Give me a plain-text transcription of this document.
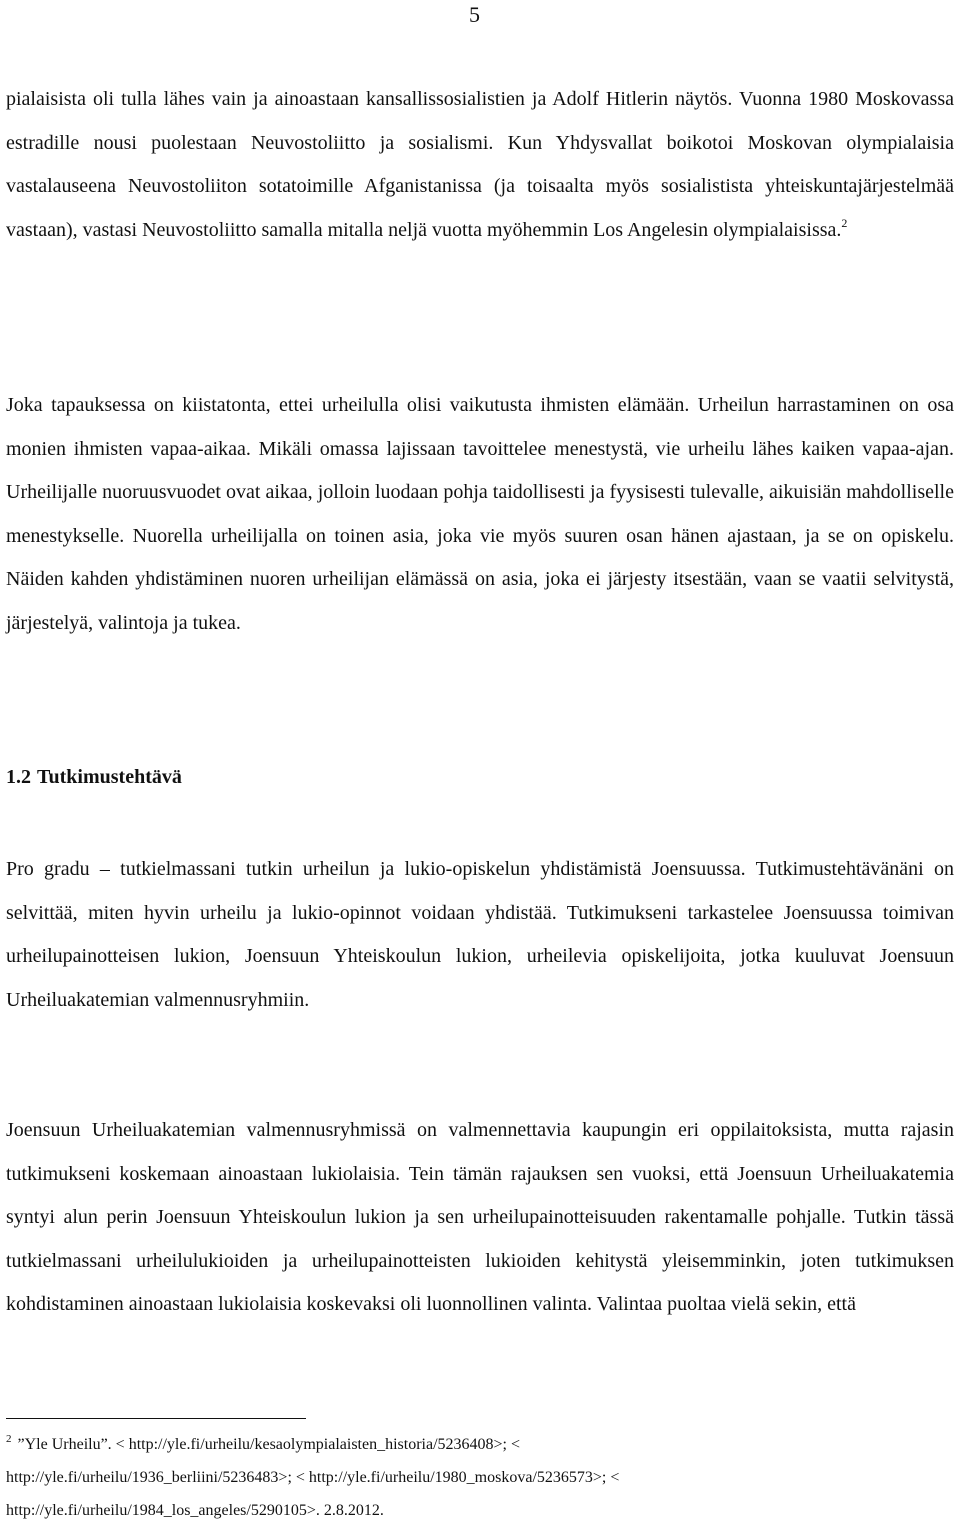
5

pialaisista oli tulla lähes vain ja ainoastaan kansallissosialistien ja Adolf Hitlerin näytös. Vuonna 1980 Moskovassa estradille nousi puolestaan Neuvostoliitto ja sosialismi. Kun Yhdysvallat boikotoi Moskovan olympialaisia vastalauseena Neuvostoliiton sotatoimille Afganistanissa (ja toisaalta myös sosialistista yhteiskuntajärjestelmää vastaan), vastasi Neuvostoliitto samalla mitalla neljä vuotta myöhemmin Los Angelesin olympialaisissa.$^2$

Joka tapauksessa on kiistatonta, ettei urheilulla olisi vaikutusta ihmisten elämään. Urheilun harrastaminen on osa monien ihmisten vapaa-aikaa. Mikäli omassa lajissaan tavoittelee menestystä, vie urheilu lähes kaiken vapaa-ajan. Urheilijalle nuoruusvuodet ovat aikaa, jolloin luodaan pohja taidollisesti ja fyysisesti tulevalle, aikuisiän mahdolliselle menestykselle. Nuorella urheilijalla on toinen asia, joka vie myös suuren osan hänen ajastaan, ja se on opiskelu. Näiden kahden yhdistäminen nuoren urheilijan elämässä on asia, joka ei järjesty itsestään, vaan se vaatii selvitystä, järjestelyä, valintoja ja tukea.

1.2 Tutkimustehtävä

Pro gradu – tutkielmassani tutkin urheilun ja lukio-opiskelun yhdistämistä Joensuussa. Tutkimustehtävänäni on selvittää, miten hyvin urheilu ja lukio-opinnot voidaan yhdistää. Tutkimukseni tarkastelee Joensuussa toimivan urheilupainotteisen lukion, Joensuun Yhteiskoulun lukion, urheilevia opiskelijoita, jotka kuuluvat Joensuun Urheiluakatemian valmennusryhmiin.

Joensuun Urheiluakatemian valmennusryhmissä on valmennettavia kaupungin eri oppilaitoksista, mutta rajasin tutkimukseni koskemaan ainoastaan lukiolaisia. Tein tämän rajauksen sen vuoksi, että Joensuun Urheiluakatemia syntyi alun perin Joensuun Yhteiskoulun lukion ja sen urheilupainotteisuuden rakentamalle pohjalle. Tutkin tässä tutkielmassani urheilulukioiden ja urheilupainotteisten lukioiden kehitystä yleisemminkin, joten tutkimuksen kohdistaminen ainoastaan lukiolaisia koskevaksi oli luonnollinen valinta. Valintaa puoltaa vielä sekin, että

$^2$ ”Yle Urheilu”. < http://yle.fi/urheilu/kesaolympialaisten_historia/5236408>; <
http://yle.fi/urheilu/1936_berliini/5236483>; < http://yle.fi/urheilu/1980_moskova/5236573>; <
http://yle.fi/urheilu/1984_los_angeles/5290105>. 2.8.2012.
